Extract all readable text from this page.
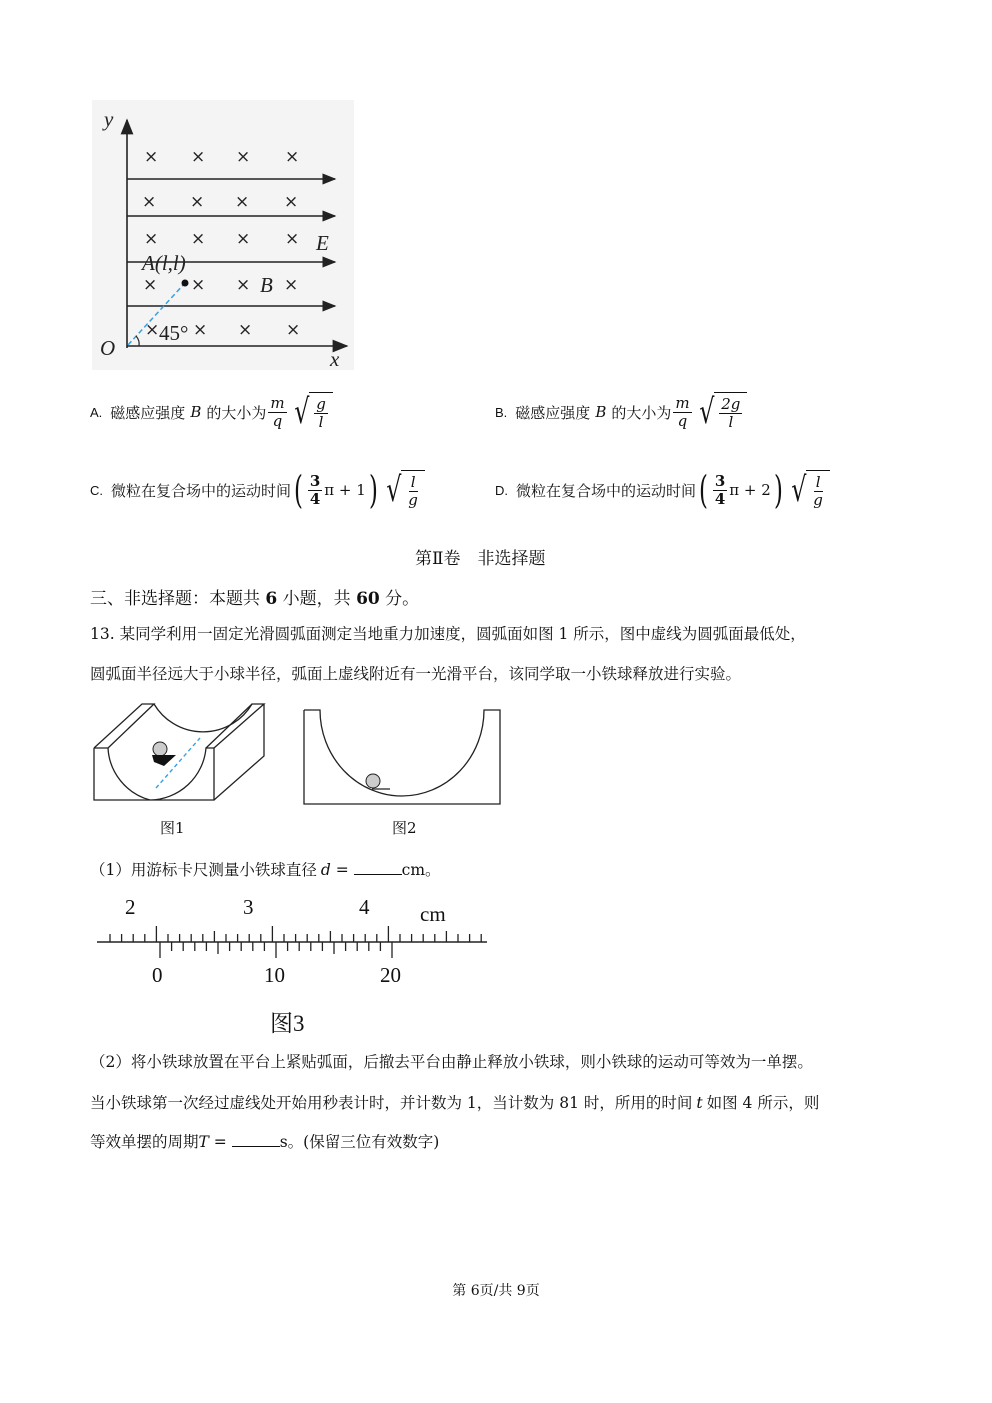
× × × ×
× × × ×
× × × ×
× × × ×
× × × ×
y
x
O
E
B
A(l,l)
45°
A. 磁感应强度 B 的大小为 $\frac{m}{q}$ √ $\frac{g}{l}$	B. 磁感应强度 B 的大小为 $\frac{m}{q}$ √ $\frac{2g}{l}$
C. 微粒在复合场中的运动时间 ( $\frac{3}{4}$ π + 1 ) √ $\frac{l}{g}$	D. 微粒在复合场中的运动时间 ( $\frac{3}{4}$ π + 2 ) √ $\frac{l}{g}$
第Ⅱ卷　非选择题
三、非选择题：本题共 6 小题，共 60 分。
13. 某同学利用一固定光滑圆弧面测定当地重力加速度，圆弧面如图 1 所示，图中虚线为圆弧面最低处，
圆弧面半径远大于小球半径，弧面上虚线附近有一光滑平台，该同学取一小铁球释放进行实验。
图1	图2
（1）用游标卡尺测量小铁球直径 d =	cm。
2	3	4 cm
0	10	20
图3
（2）将小铁球放置在平台上紧贴弧面，后撤去平台由静止释放小铁球，则小铁球的运动可等效为一单摆。
当小铁球第一次经过虚线处开始用秒表计时，并计数为 1，当计数为 81 时，所用的时间 t 如图 4 所示，则
等效单摆的周期T =	s。(保留三位有效数字)
第 6页/共 9页
